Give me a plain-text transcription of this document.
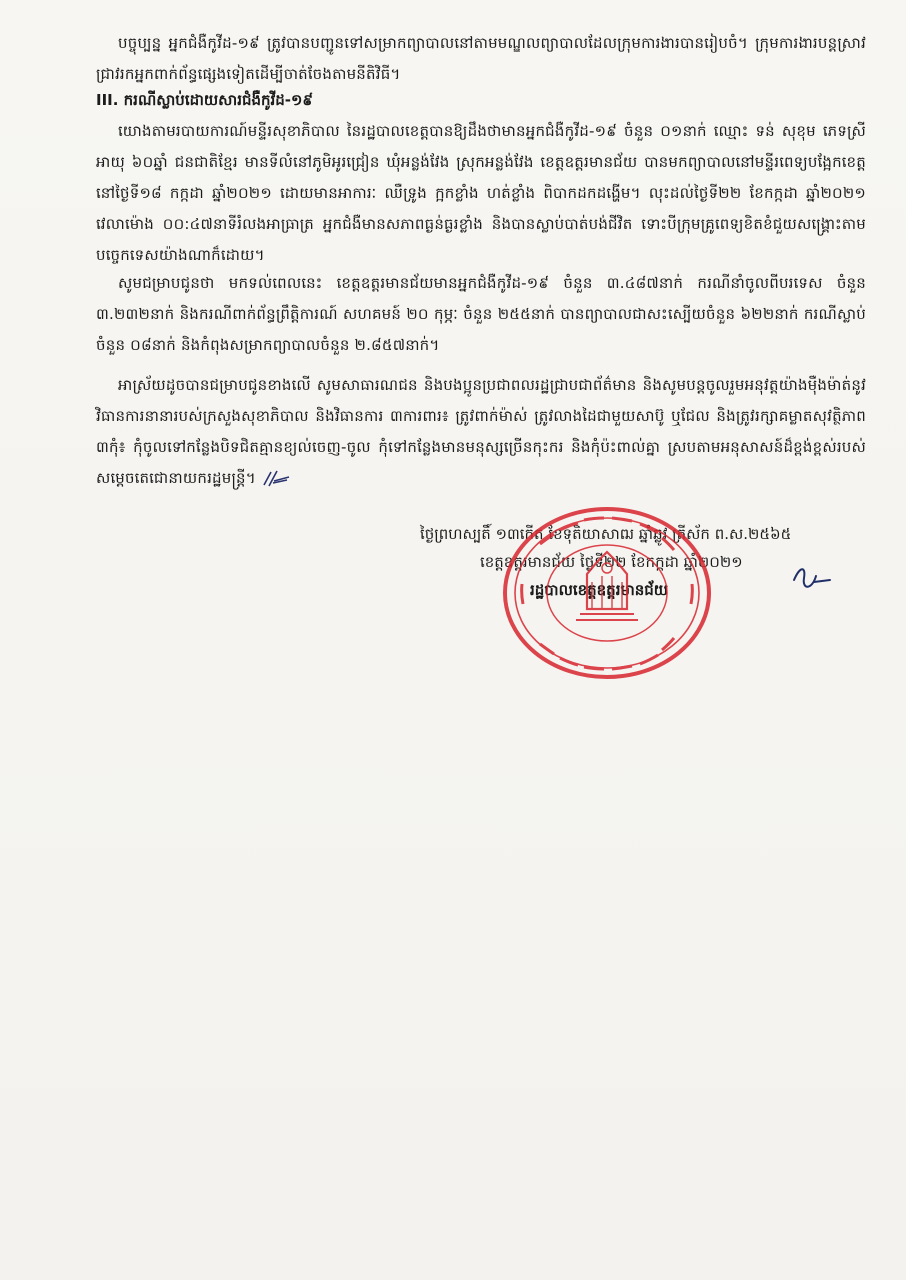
បច្ចុប្បន្ន អ្នកជំងឺកូវីដ-១៩ ត្រូវបានបញ្ជូនទៅសម្រាកព្យាបាលនៅតាមមណ្ឌលព្យាបាលដែលក្រុមការងារបានរៀបចំ។ ក្រុមការងារបន្តស្រាវជ្រាវរកអ្នកពាក់ព័ន្ធផ្សេងទៀតដើម្បីចាត់ចែងតាមនីតិវិធី។

III. ករណីស្លាប់ដោយសារជំងឺកូវីដ-១៩

យោងតាមរបាយការណ៍មន្ទីរសុខាភិបាល នៃរដ្ឋបាលខេត្តបានឱ្យដឹងថាមានអ្នកជំងឺកូវីដ-១៩ ចំនួន ០១នាក់ ឈ្មោះ ទន់ សុខុម ភេទស្រី អាយុ ៦០ឆ្នាំ ជនជាតិខ្មែរ មានទីលំនៅភូមិអូរជ្រៀន ឃុំអន្លង់វែង ស្រុកអន្លង់វែង ខេត្តឧត្តរមានជ័យ បានមកព្យាបាលនៅមន្ទីរពេទ្យបង្អែកខេត្តនៅថ្ងៃទី១៨ កក្កដា ឆ្នាំ២០២១ ដោយមានអាការៈ ឈឺទ្រូង ក្អកខ្លាំង ហត់ខ្លាំង ពិបាកដកដង្ហើម។ លុះដល់ថ្ងៃទី២២ ខែកក្កដា ឆ្នាំ២០២១ វេលាម៉ោង ០០:៤៧នាទីរំលងអាធ្រាត្រ អ្នកជំងឺមានសភាពធ្ងន់ធ្ងរខ្លាំង និងបានស្លាប់បាត់បង់ជីវិត ទោះបីក្រុមគ្រូពេទ្យខិតខំជួយសង្គ្រោះតាមបច្ចេកទេសយ៉ាងណាក៏ដោយ។

សូមជម្រាបជូនថា មកទល់ពេលនេះ ខេត្តឧត្តរមានជ័យមានអ្នកជំងឺកូវីដ-១៩ ចំនួន ៣.៤៨៧នាក់ ករណីនាំចូលពីបរទេស ចំនួន ៣.២៣២នាក់ និងករណីពាក់ព័ន្ធព្រឹត្តិការណ៍ សហគមន៍ ២០ កុម្ភៈ ចំនួន ២៥៥នាក់ បានព្យាបាលជាសះស្បើយចំនួន ៦២២នាក់ ករណីស្លាប់ចំនួន ០៨នាក់ និងកំពុងសម្រាកព្យាបាលចំនួន ២.៨៥៧នាក់។

អាស្រ័យដូចបានជម្រាបជូនខាងលើ សូមសាធារណជន និងបងប្អូនប្រជាពលរដ្ឋជ្រាបជាព័ត៌មាន និងសូមបន្តចូលរួមអនុវត្តយ៉ាងម៉ឺងម៉ាត់នូវវិធានការនានារបស់ក្រសួងសុខាភិបាល និងវិធានការ ៣ការពារ៖ ត្រូវពាក់ម៉ាស់ ត្រូវលាងដៃជាមួយសាប៊ូ ឬជែល និងត្រូវរក្សាគម្លាតសុវត្ថិភាព ៣កុំ៖ កុំចូលទៅកន្លែងបិទជិតគ្មានខ្យល់ចេញ-ចូល កុំទៅកន្លែងមានមនុស្សច្រើនកុះករ និងកុំប៉ះពាល់គ្នា ស្របតាមអនុសាសន៍ដ៏ខ្ពង់ខ្ពស់របស់សម្ដេចតេជោនាយករដ្ឋមន្ត្រី។

ថ្ងៃព្រហស្បតិ៍ ១៣កើត ខែទុតិយាសាឍ ឆ្នាំឆ្លូវ ត្រីស័ក ព.ស.២៥៦៥
ខេត្តឧត្តរមានជ័យ ថ្ងៃទី២២ ខែកក្កដា ឆ្នាំ២០២១
រដ្ឋបាលខេត្តឧត្តរមានជ័យ
